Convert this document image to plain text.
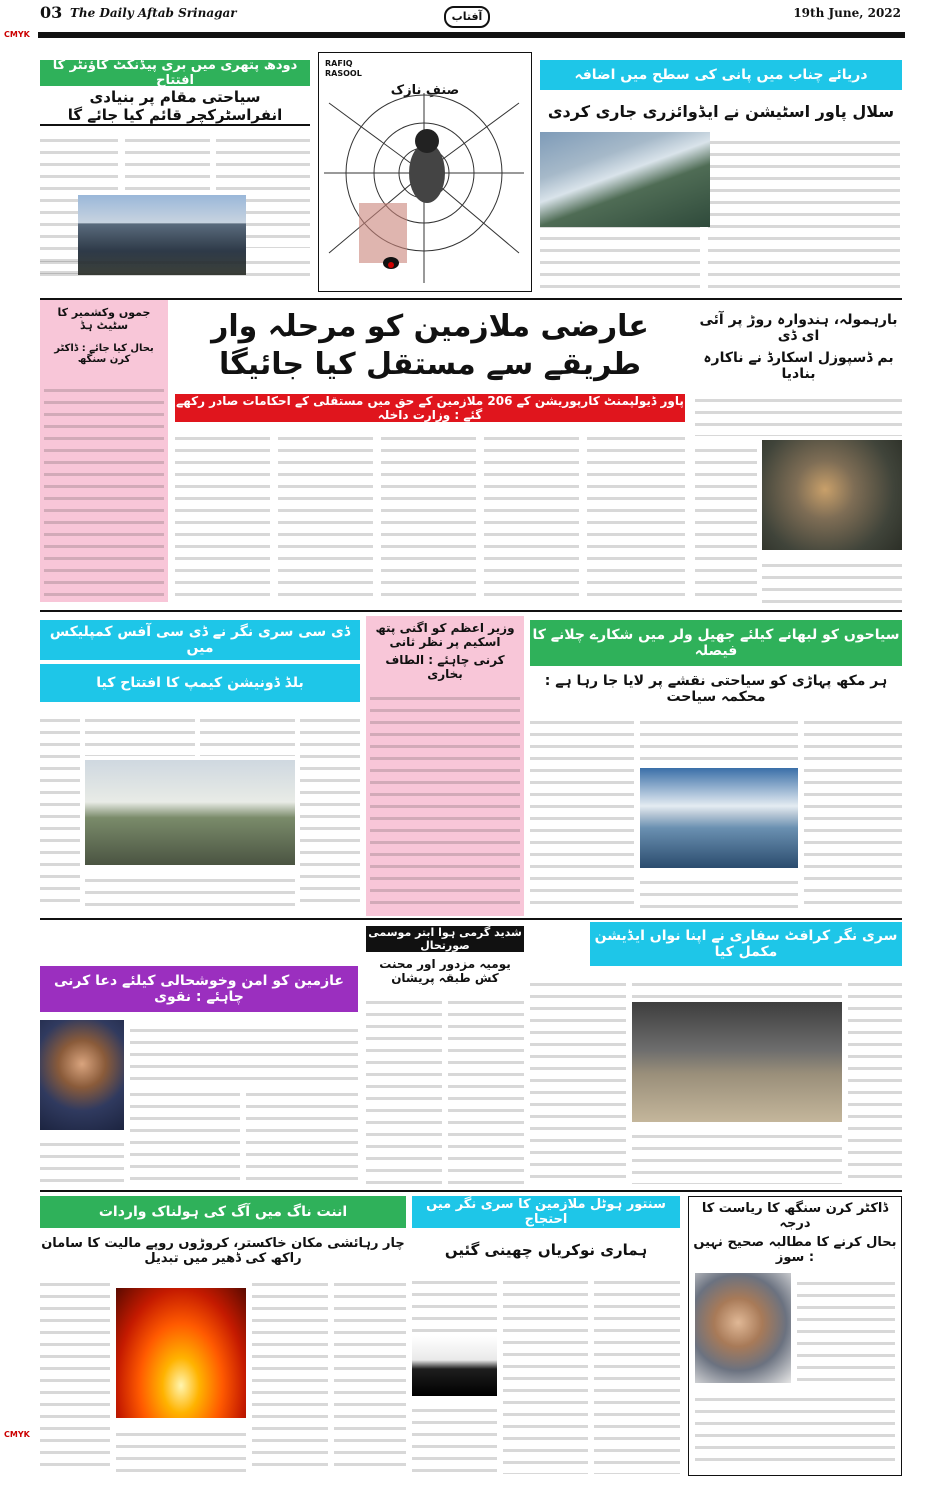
03 The Daily Aftab Srinagar	آفتاب	19th June, 2022
CMYK
CMYK
دودھ پتھری میں بری پیڈنکٹ کاؤنٹر کا افتتاح
سیاحتی مقام پر بنیادی انفراسٹرکچر قائم کیا جائے گا
صنفِ نازک
RAFIQ RASOOL	دریائے چناب میں پانی کی سطح میں اضافہ
سلال پاور اسٹیشن نے ایڈوائزری جاری کردی
جموں وکشمیر کا سٹیٹ ہڈ
بحال کیا جائے : ڈاکٹر کرن سنگھ
عارضی ملازمین کو مرحلہ وار طریقے سے مستقل کیا جائیگا
پاور ڈیولپمنٹ کارپوریشن کے 206 ملازمین کے حق میں مستقلی کے احکامات صادر رکھے گئے : وزارت داخلہ
بارہمولہ، ہندوارہ روڑ پر آئی ای ڈی
بم ڈسپوزل اسکارڈ نے ناکارہ بنادیا
ڈی سی سری نگر نے ڈی سی آفس کمپلیکس میں
بلڈ ڈونیشن کیمپ کا افتتاح کیا
وزیر اعظم کو اگنی پتھ اسکیم پر نظر ثانی
کرنی چاہئے : الطاف بخاری
سیاحوں کو لبھانے کیلئے جھیل ولر میں شکارے چلانے کا فیصلہ
ہر مکھ پہاڑی کو سیاحتی نقشے پر لایا جا رہا ہے : محکمہ سیاحت
عازمین کو امن وخوشحالی کیلئے دعا کرنی چاہئے : نقوی
شدید گرمی ہوا ابتر موسمی صورتحال
یومیہ مزدور اور محنت کش طبقہ پریشان
سری نگر کرافٹ سفاری نے اپنا نواں ایڈیشن مکمل کیا
اننت ناگ میں آگ کی ہولناک واردات
چار رہائشی مکان خاکستر، کروڑوں روپے مالیت کا سامان راکھ کی ڈھیر میں تبدیل
سنتور ہوٹل ملازمین کا سری نگر میں احتجاج
ہماری نوکریاں چھینی گئیں
ڈاکٹر کرن سنگھ کا ریاست کا درجہ
بحال کرنے کا مطالبہ صحیح نہیں : سوز
